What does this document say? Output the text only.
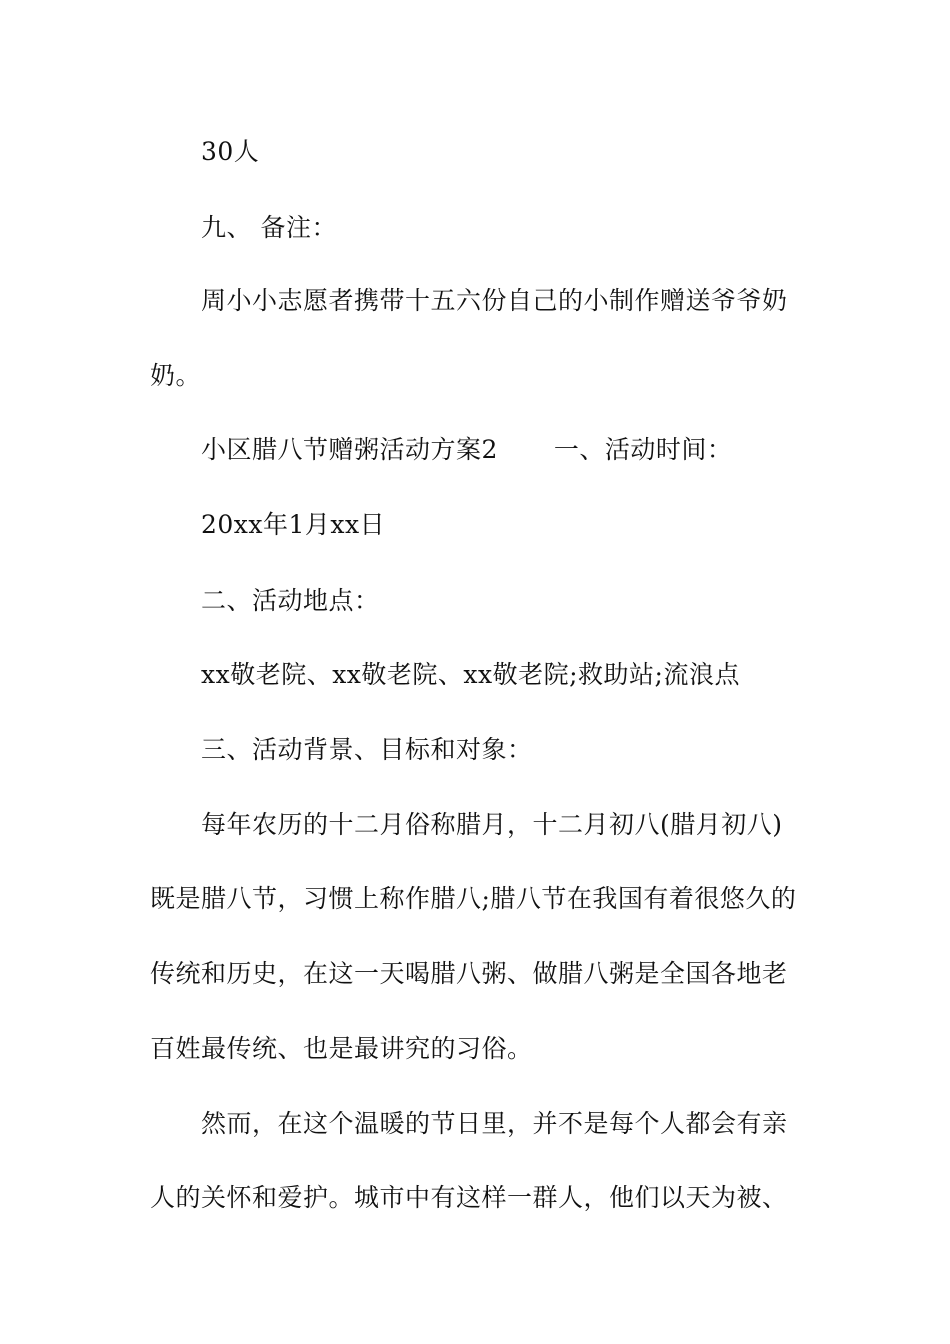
30人
九、 备注：
周小小志愿者携带十五六份自己的小制作赠送爷爷奶
奶。
小区腊八节赠粥活动方案2 一、活动时间：
20xx年1月xx日
二、活动地点：
xx敬老院、xx敬老院、xx敬老院;救助站;流浪点
三、活动背景、目标和对象：
每年农历的十二月俗称腊月，十二月初八(腊月初八)
既是腊八节，习惯上称作腊八;腊八节在我国有着很悠久的
传统和历史，在这一天喝腊八粥、做腊八粥是全国各地老
百姓最传统、也是最讲究的习俗。
然而，在这个温暖的节日里，并不是每个人都会有亲
人的关怀和爱护。城市中有这样一群人，他们以天为被、
